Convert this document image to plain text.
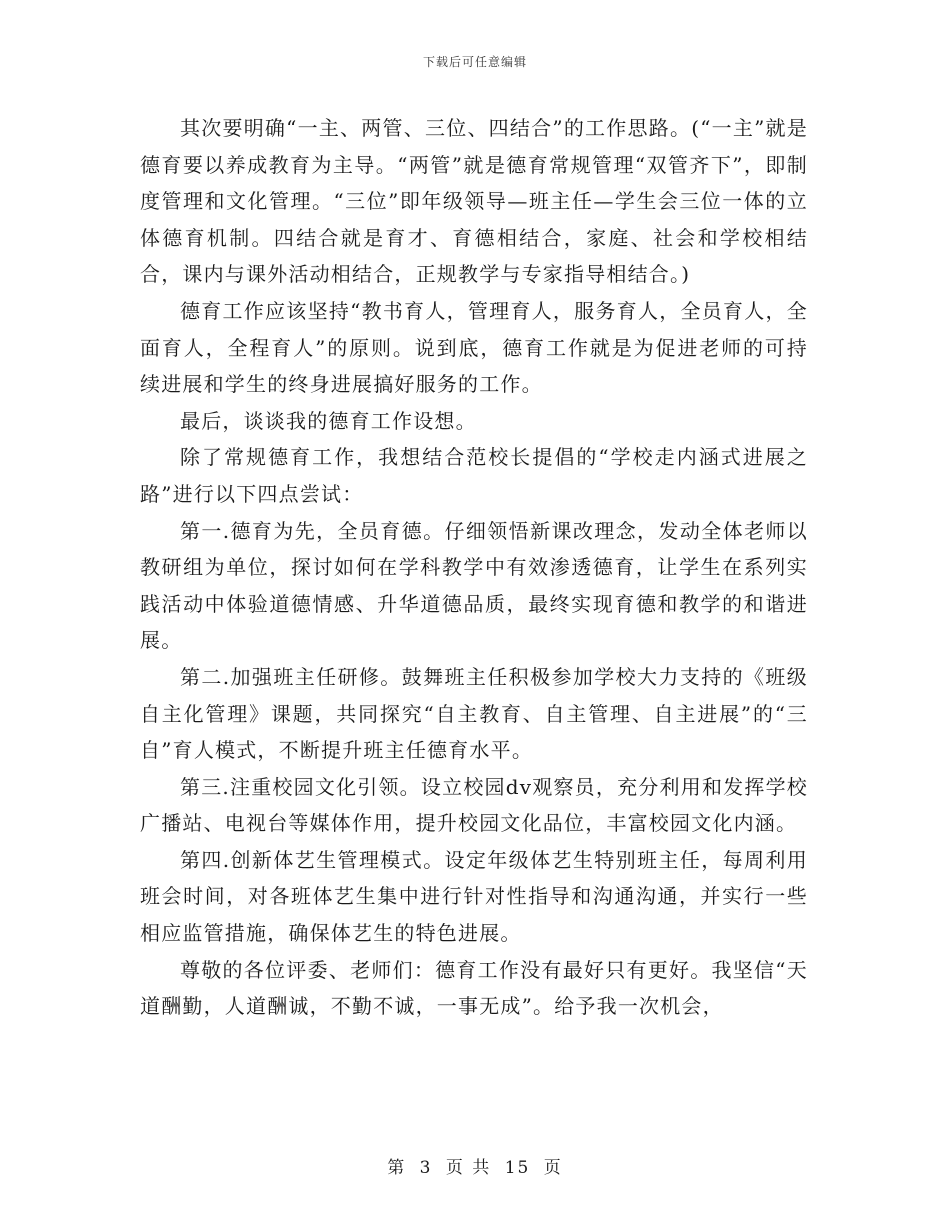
下载后可任意编辑

其次要明确“一主、两管、三位、四结合”的工作思路。(“一主”就是德育要以养成教育为主导。“两管”就是德育常规管理“双管齐下”，即制度管理和文化管理。“三位”即年级领导—班主任—学生会三位一体的立体德育机制。四结合就是育才、育德相结合，家庭、社会和学校相结合，课内与课外活动相结合，正规教学与专家指导相结合。)

德育工作应该坚持“教书育人，管理育人，服务育人，全员育人，全面育人，全程育人”的原则。说到底，德育工作就是为促进老师的可持续进展和学生的终身进展搞好服务的工作。

最后，谈谈我的德育工作设想。

除了常规德育工作，我想结合范校长提倡的“学校走内涵式进展之路”进行以下四点尝试：

第一.德育为先，全员育德。仔细领悟新课改理念，发动全体老师以教研组为单位，探讨如何在学科教学中有效渗透德育，让学生在系列实践活动中体验道德情感、升华道德品质，最终实现育德和教学的和谐进展。

第二.加强班主任研修。鼓舞班主任积极参加学校大力支持的《班级自主化管理》课题，共同探究“自主教育、自主管理、自主进展”的“三自”育人模式，不断提升班主任德育水平。

第三.注重校园文化引领。设立校园dv观察员，充分利用和发挥学校广播站、电视台等媒体作用，提升校园文化品位，丰富校园文化内涵。

第四.创新体艺生管理模式。设定年级体艺生特别班主任，每周利用班会时间，对各班体艺生集中进行针对性指导和沟通沟通，并实行一些相应监管措施，确保体艺生的特色进展。

尊敬的各位评委、老师们：德育工作没有最好只有更好。我坚信“天道酬勤，人道酬诚，不勤不诚，一事无成”。给予我一次机会，

第 3 页 共 15 页
